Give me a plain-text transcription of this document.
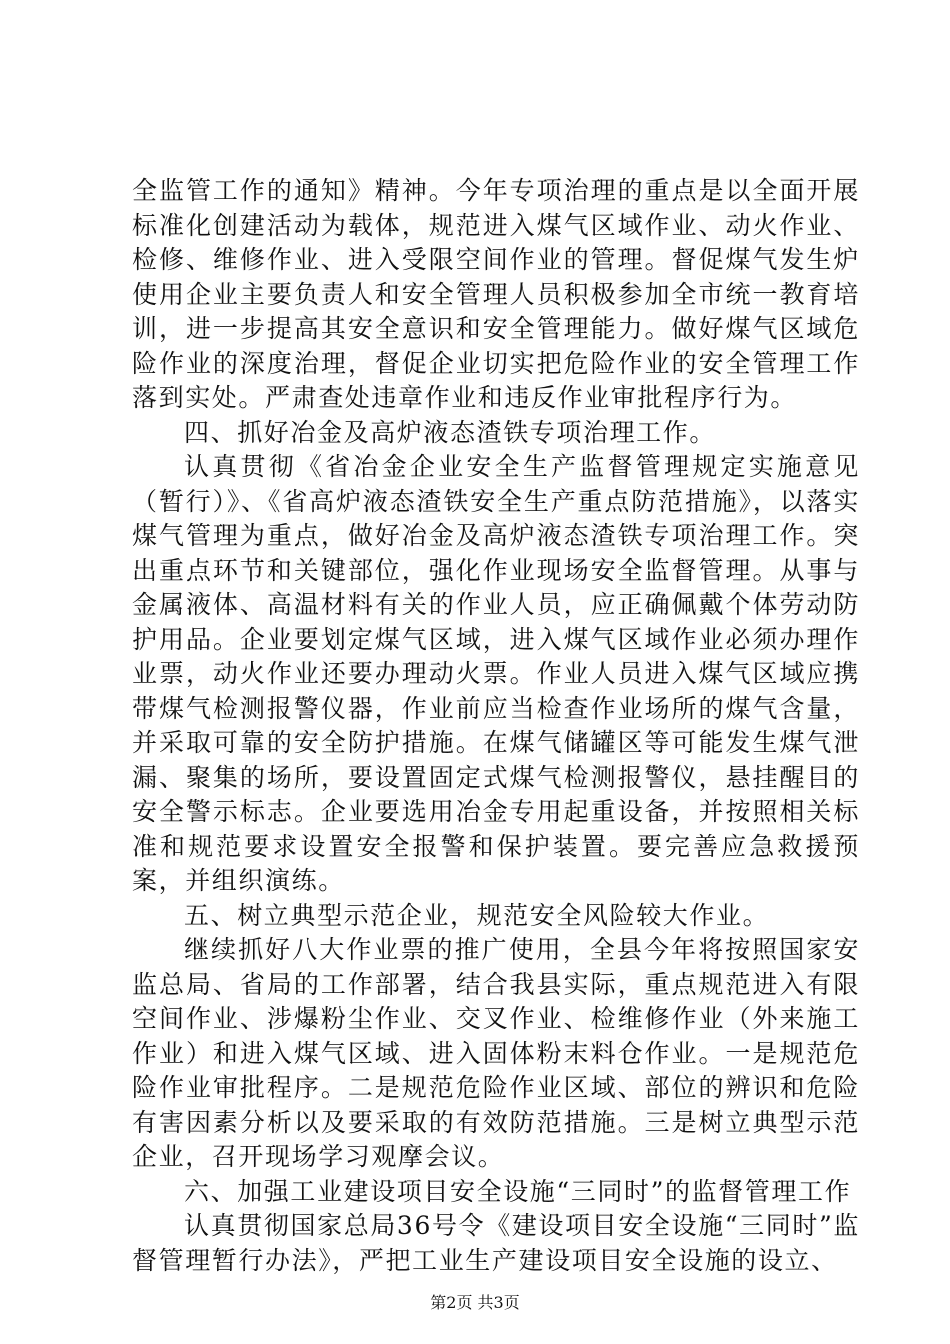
全监管工作的通知》精神。今年专项治理的重点是以全面开展标准化创建活动为载体，规范进入煤气区域作业、动火作业、检修、维修作业、进入受限空间作业的管理。督促煤气发生炉使用企业主要负责人和安全管理人员积极参加全市统一教育培训，进一步提高其安全意识和安全管理能力。做好煤气区域危险作业的深度治理，督促企业切实把危险作业的安全管理工作落到实处。严肃查处违章作业和违反作业审批程序行为。

四、抓好冶金及高炉液态渣铁专项治理工作。

认真贯彻《省冶金企业安全生产监督管理规定实施意见（暂行）》、《省高炉液态渣铁安全生产重点防范措施》，以落实煤气管理为重点，做好冶金及高炉液态渣铁专项治理工作。突出重点环节和关键部位，强化作业现场安全监督管理。从事与金属液体、高温材料有关的作业人员，应正确佩戴个体劳动防护用品。企业要划定煤气区域，进入煤气区域作业必须办理作业票，动火作业还要办理动火票。作业人员进入煤气区域应携带煤气检测报警仪器，作业前应当检查作业场所的煤气含量，并采取可靠的安全防护措施。在煤气储罐区等可能发生煤气泄漏、聚集的场所，要设置固定式煤气检测报警仪，悬挂醒目的安全警示标志。企业要选用冶金专用起重设备，并按照相关标准和规范要求设置安全报警和保护装置。要完善应急救援预案，并组织演练。

五、树立典型示范企业，规范安全风险较大作业。

继续抓好八大作业票的推广使用，全县今年将按照国家安监总局、省局的工作部署，结合我县实际，重点规范进入有限空间作业、涉爆粉尘作业、交叉作业、检维修作业（外来施工作业）和进入煤气区域、进入固体粉末料仓作业。一是规范危险作业审批程序。二是规范危险作业区域、部位的辨识和危险有害因素分析以及要采取的有效防范措施。三是树立典型示范企业，召开现场学习观摩会议。

六、加强工业建设项目安全设施“三同时”的监督管理工作

认真贯彻国家总局36号令《建设项目安全设施“三同时”监督管理暂行办法》，严把工业生产建设项目安全设施的设立、

第2页 共3页
